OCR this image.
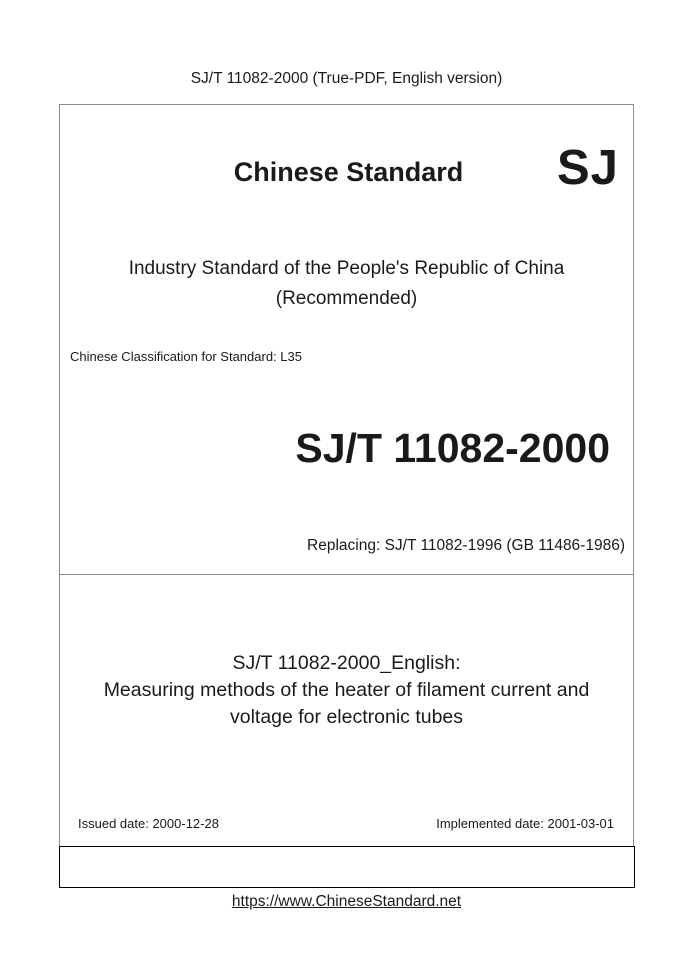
SJ/T 11082-2000 (True-PDF, English version)
Chinese Standard	SJ
Industry Standard of the People's Republic of China
(Recommended)
Chinese Classification for Standard: L35
SJ/T 11082-2000
Replacing: SJ/T 11082-1996 (GB 11486-1986)
SJ/T 11082-2000_English:
Measuring methods of the heater of filament current and
voltage for electronic tubes
Issued date: 2000-12-28	Implemented date: 2001-03-01
https://www.ChineseStandard.net
